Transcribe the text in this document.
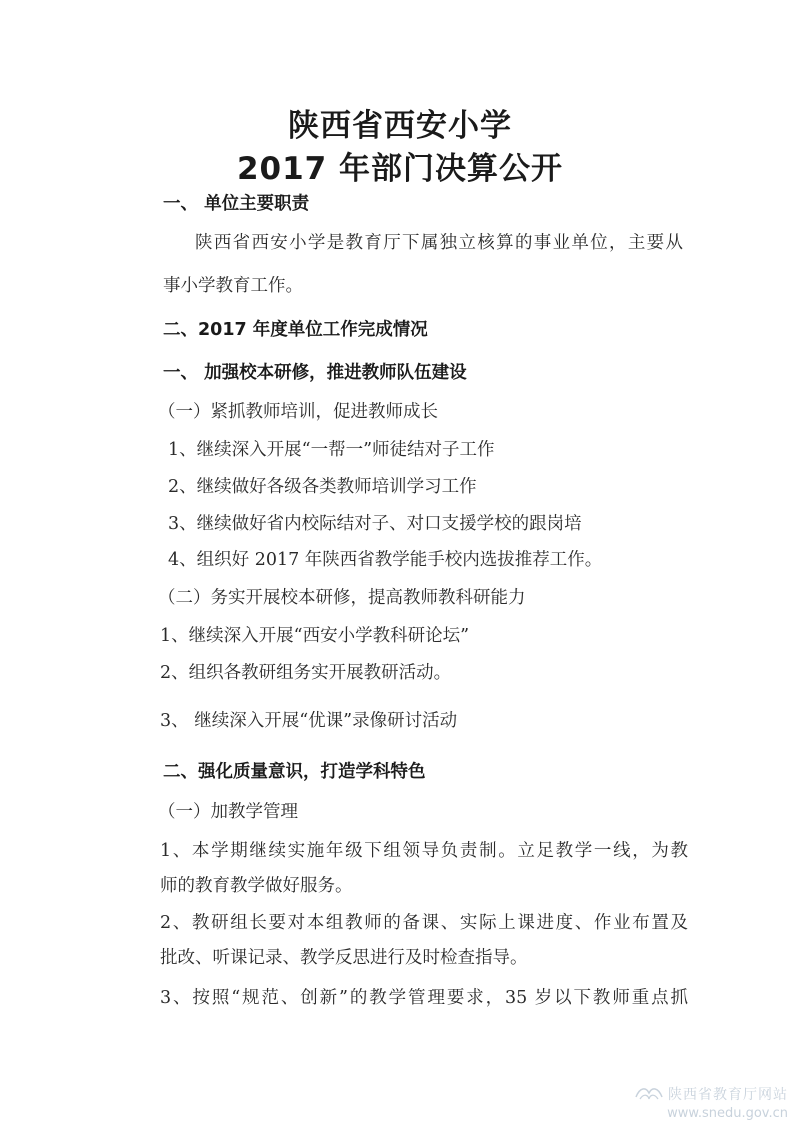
陕西省西安小学
2017 年部门决算公开
一、 单位主要职责
陕西省西安小学是教育厅下属独立核算的事业单位，主要从
事小学教育工作。
二、2017 年度单位工作完成情况
一、 加强校本研修，推进教师队伍建设
（一）紧抓教师培训，促进教师成长
1、继续深入开展“一帮一”师徒结对子工作
2、继续做好各级各类教师培训学习工作
3、继续做好省内校际结对子、对口支援学校的跟岗培
4、组织好 2017 年陕西省教学能手校内选拔推荐工作。
（二）务实开展校本研修，提高教师教科研能力
1、继续深入开展“西安小学教科研论坛”
2、组织各教研组务实开展教研活动。
3、 继续深入开展“优课”录像研讨活动
二、强化质量意识，打造学科特色
（一）加教学管理
1、本学期继续实施年级下组领导负责制。立足教学一线，为教
师的教育教学做好服务。
2、教研组长要对本组教师的备课、实际上课进度、作业布置及
批改、听课记录、教学反思进行及时检查指导。
3、按照“规范、创新”的教学管理要求，35 岁以下教师重点抓
陕西省教育厅网站
www.snedu.gov.cn
